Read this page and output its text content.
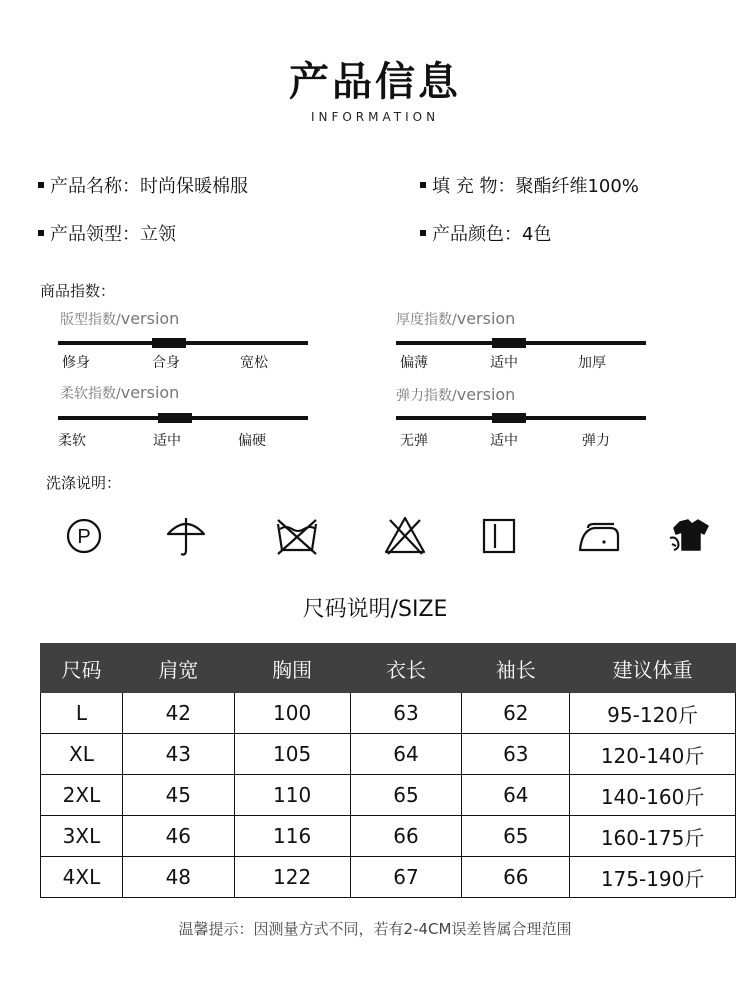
产品信息
INFORMATION
产品名称：时尚保暖棉服	填 充 物：聚酯纤维100%
产品领型：立领	产品颜色：4色
商品指数：
版型指数/version
修身	合身	宽松
厚度指数/version
偏薄	适中	加厚
柔软指数/version
柔软	适中	偏硬
弹力指数/version
无弹	适中	弹力
洗涤说明：
P
尺码说明/SIZE
尺码	肩宽	胸围	衣长	袖长	建议体重
L	42	100	63	62	95-120斤
XL	43	105	64	63	120-140斤
2XL	45	110	65	64	140-160斤
3XL	46	116	66	65	160-175斤
4XL	48	122	67	66	175-190斤
温馨提示：因测量方式不同，若有2-4CM误差皆属合理范围
